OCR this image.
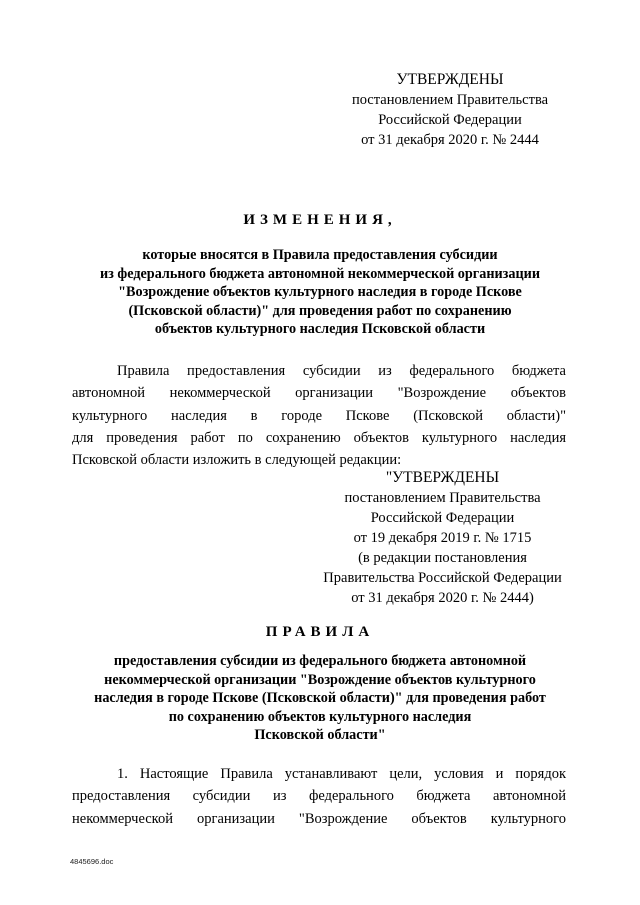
УТВЕРЖДЕНЫ
постановлением Правительства
Российской Федерации
от 31 декабря 2020 г. № 2444
ИЗМЕНЕНИЯ,
которые вносятся в Правила предоставления субсидии
из федерального бюджета автономной некоммерческой организации
"Возрождение объектов культурного наследия в городе Пскове
(Псковской области)" для проведения работ по сохранению
объектов культурного наследия Псковской области
Правила предоставления субсидии из федерального бюджета
автономной некоммерческой организации "Возрождение объектов
культурного наследия в городе Пскове (Псковской области)"
для проведения работ по сохранению объектов культурного наследия
Псковской области изложить в следующей редакции:
"УТВЕРЖДЕНЫ
постановлением Правительства
Российской Федерации
от 19 декабря 2019 г. № 1715
(в редакции постановления
Правительства Российской Федерации
от 31 декабря 2020 г. № 2444)
ПРАВИЛА
предоставления субсидии из федерального бюджета автономной
некоммерческой организации "Возрождение объектов культурного
наследия в городе Пскове (Псковской области)" для проведения работ
по сохранению объектов культурного наследия
Псковской области"
1. Настоящие Правила устанавливают цели, условия и порядок
предоставления субсидии из федерального бюджета автономной
некоммерческой организации "Возрождение объектов культурного
4845696.doc
